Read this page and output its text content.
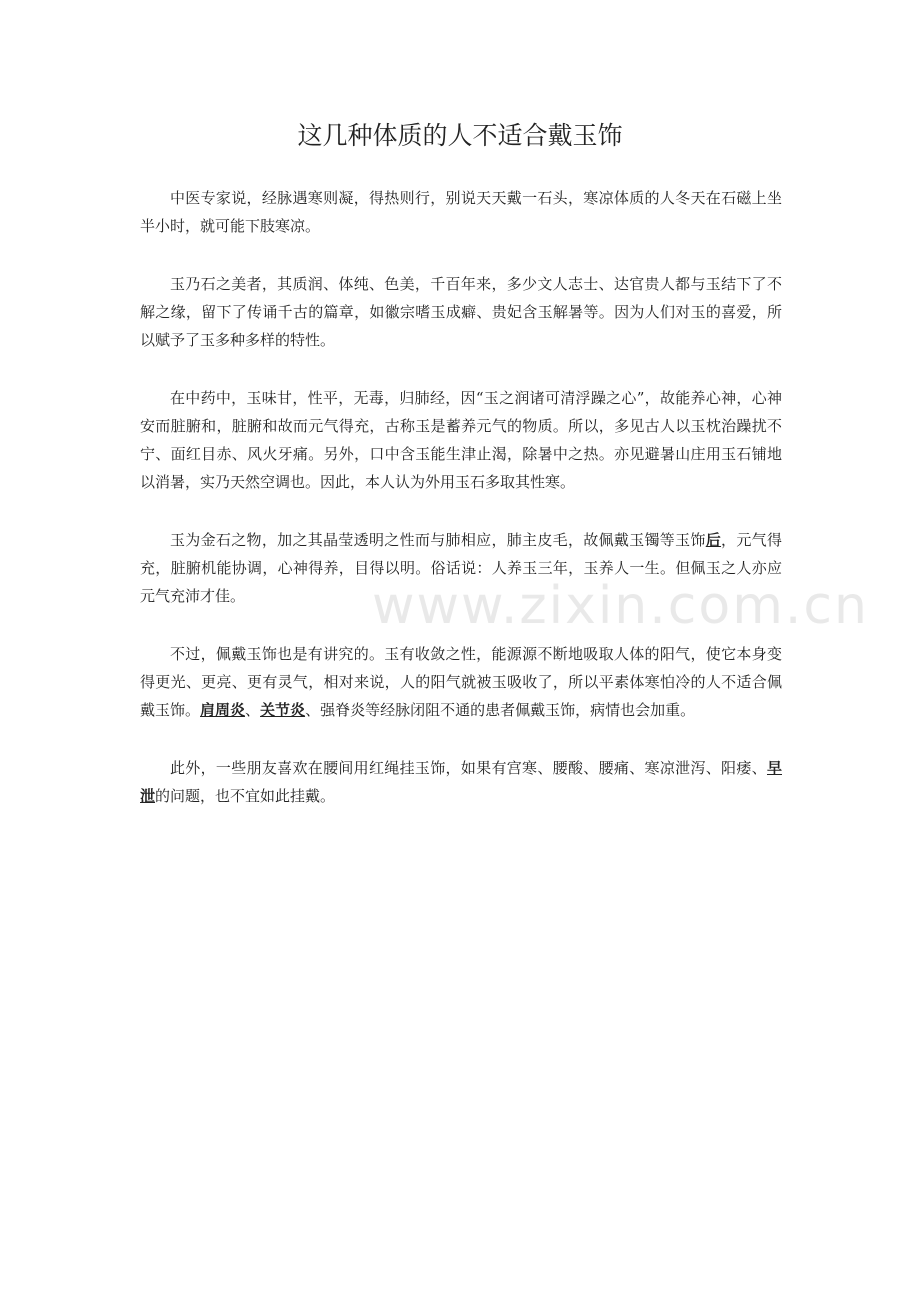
www.zixin.com.cn
这几种体质的人不适合戴玉饰

中医专家说，经脉遇寒则凝，得热则行，别说天天戴一石头，寒凉体质的人冬天在石磁上坐半小时，就可能下肢寒凉。

玉乃石之美者，其质润、体纯、色美，千百年来，多少文人志士、达官贵人都与玉结下了不解之缘，留下了传诵千古的篇章，如徽宗嗜玉成癖、贵妃含玉解暑等。因为人们对玉的喜爱，所以赋予了玉多种多样的特性。

在中药中，玉味甘，性平，无毒，归肺经，因“玉之润诸可清浮躁之心”，故能养心神，心神安而脏腑和，脏腑和故而元气得充，古称玉是蓄养元气的物质。所以，多见古人以玉枕治躁扰不宁、面红目赤、风火牙痛。另外，口中含玉能生津止渴，除暑中之热。亦见避暑山庄用玉石铺地以消暑，实乃天然空调也。因此，本人认为外用玉石多取其性寒。

玉为金石之物，加之其晶莹透明之性而与肺相应，肺主皮毛，故佩戴玉镯等玉饰后，元气得充，脏腑机能协调，心神得养，目得以明。俗话说：人养玉三年，玉养人一生。但佩玉之人亦应元气充沛才佳。

不过，佩戴玉饰也是有讲究的。玉有收敛之性，能源源不断地吸取人体的阳气，使它本身变得更光、更亮、更有灵气，相对来说，人的阳气就被玉吸收了，所以平素体寒怕冷的人不适合佩戴玉饰。肩周炎、关节炎、强脊炎等经脉闭阻不通的患者佩戴玉饰，病情也会加重。

此外，一些朋友喜欢在腰间用红绳挂玉饰，如果有宫寒、腰酸、腰痛、寒凉泄泻、阳痿、早泄的问题，也不宜如此挂戴。
